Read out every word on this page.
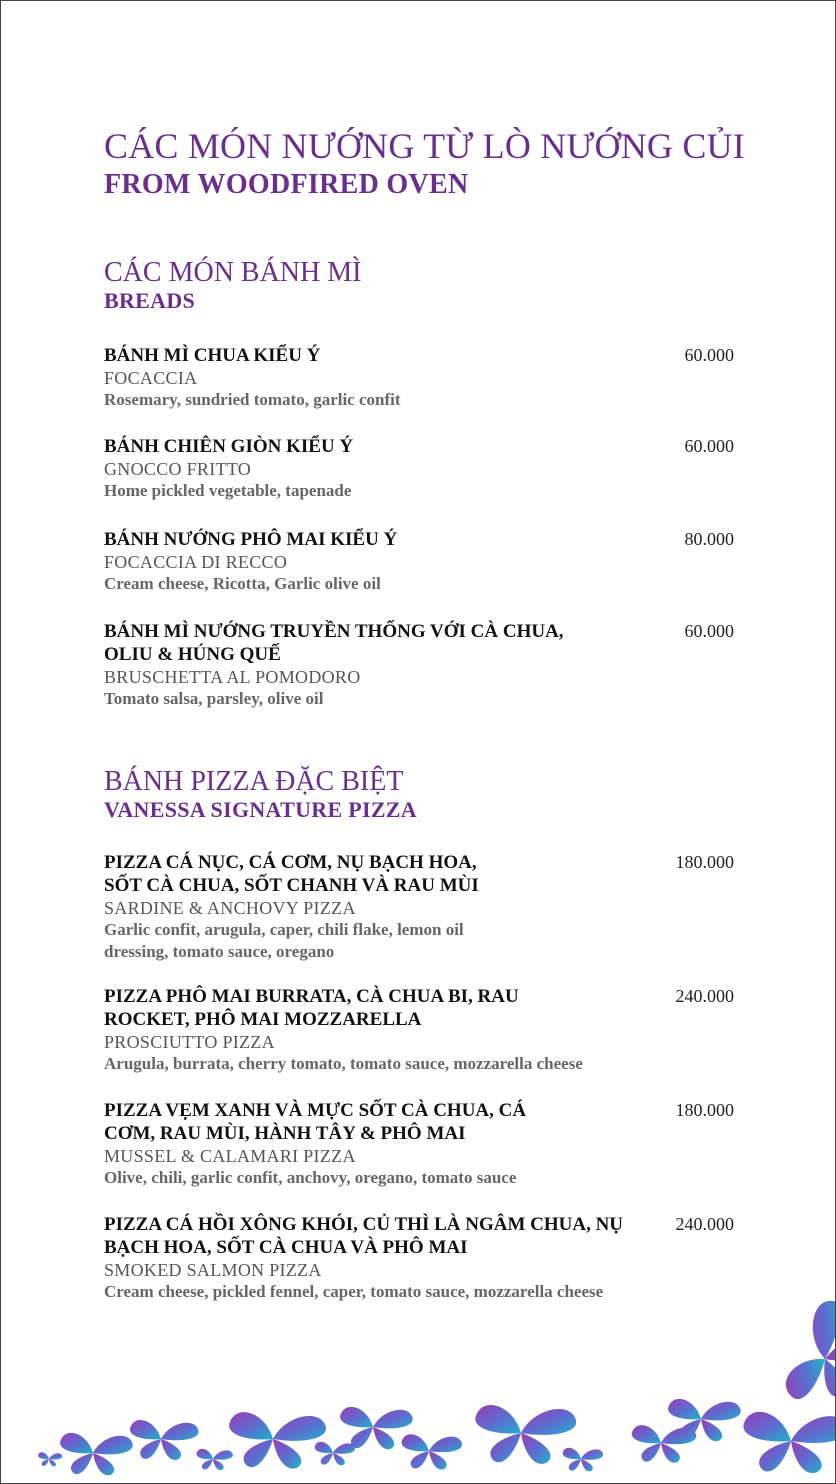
CÁC MÓN NƯỚNG TỪ LÒ NƯỚNG CỦI
FROM WOODFIRED OVEN
CÁC MÓN BÁNH MÌ
BREADS
BÁNH MÌ CHUA KIỂU Ý
FOCACCIA
Rosemary, sundried tomato, garlic confit
60.000
BÁNH CHIÊN GIÒN KIỂU Ý
GNOCCO FRITTO
Home pickled vegetable, tapenade
60.000
BÁNH NƯỚNG PHÔ MAI KIỂU Ý
FOCACCIA DI RECCO
Cream cheese, Ricotta, Garlic olive oil
80.000
BÁNH MÌ NƯỚNG TRUYỀN THỐNG VỚI CÀ CHUA, OLIU & HÚNG QUẾ
BRUSCHETTA AL POMODORO
Tomato salsa, parsley, olive oil
60.000
BÁNH PIZZA ĐẶC BIỆT
VANESSA SIGNATURE PIZZA
PIZZA CÁ NỤC, CÁ CƠM, NỤ BẠCH HOA, SỐT CÀ CHUA, SỐT CHANH VÀ RAU MÙI
SARDINE & ANCHOVY PIZZA
Garlic confit, arugula, caper, chili flake, lemon oil dressing, tomato sauce, oregano
180.000
PIZZA PHÔ MAI BURRATA, CÀ CHUA BI, RAU ROCKET, PHÔ MAI MOZZARELLA
PROSCIUTTO PIZZA
Arugula, burrata, cherry tomato, tomato sauce, mozzarella cheese
240.000
PIZZA VẸM XANH VÀ MỰC SỐT CÀ CHUA, CÁ CƠM, RAU MÙI, HÀNH TÂY & PHÔ MAI
MUSSEL & CALAMARI PIZZA
Olive, chili, garlic confit, anchovy, oregano, tomato sauce
180.000
PIZZA CÁ HỒI XÔNG KHÓI, CỦ THÌ LÀ NGÂM CHUA, NỤ BẠCH HOA, SỐT CÀ CHUA VÀ PHÔ MAI
SMOKED SALMON PIZZA
Cream cheese, pickled fennel, caper, tomato sauce, mozzarella cheese
240.000
